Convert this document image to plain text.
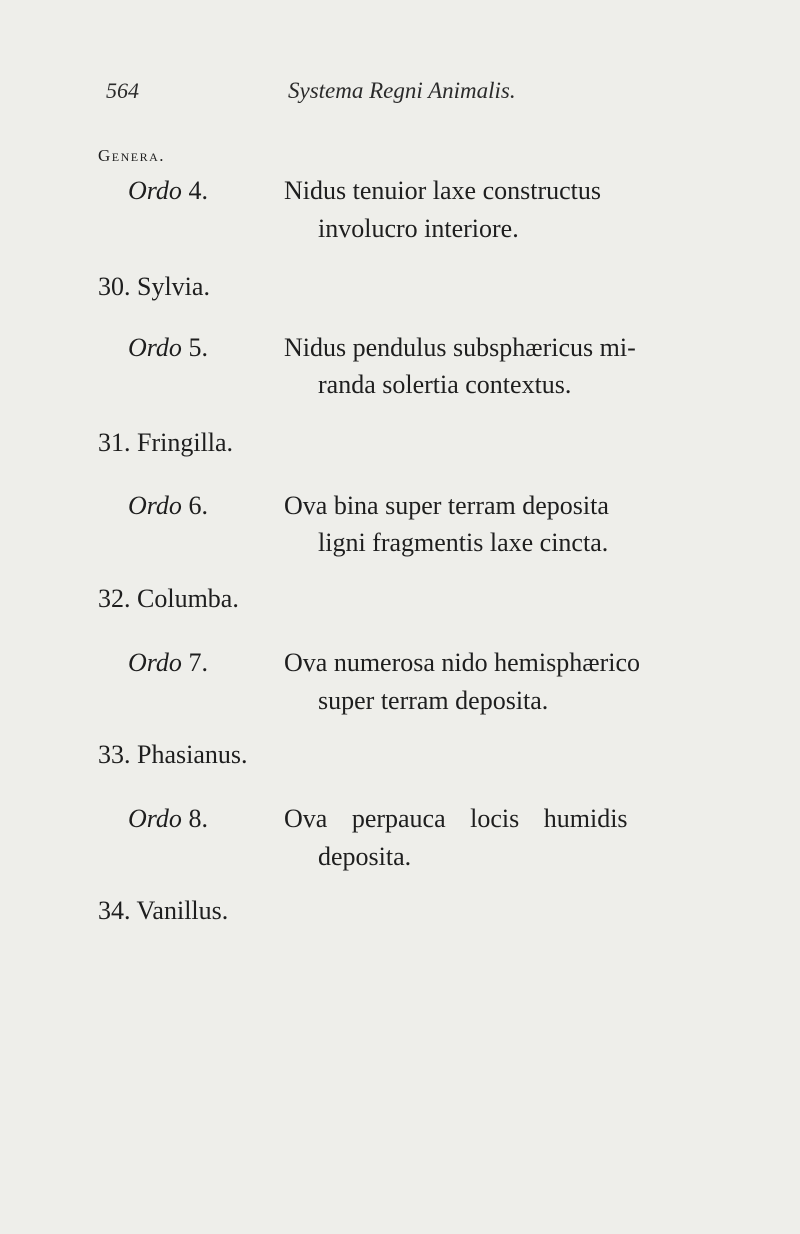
564	Systema Regni Animalis.
Genera.
Ordo 4.	Nidus tenuior laxe constructus
involucro interiore.
30. Sylvia.
Ordo 5.	Nidus pendulus subsphæricus mi-
randa solertia contextus.
31. Fringilla.
Ordo 6.	Ova bina super terram deposita
ligni fragmentis laxe cincta.
32. Columba.
Ordo 7.	Ova numerosa nido hemisphærico
super terram deposita.
33. Phasianus.
Ordo 8.	Ova perpauca locis humidis
deposita.
34. Vanillus.
